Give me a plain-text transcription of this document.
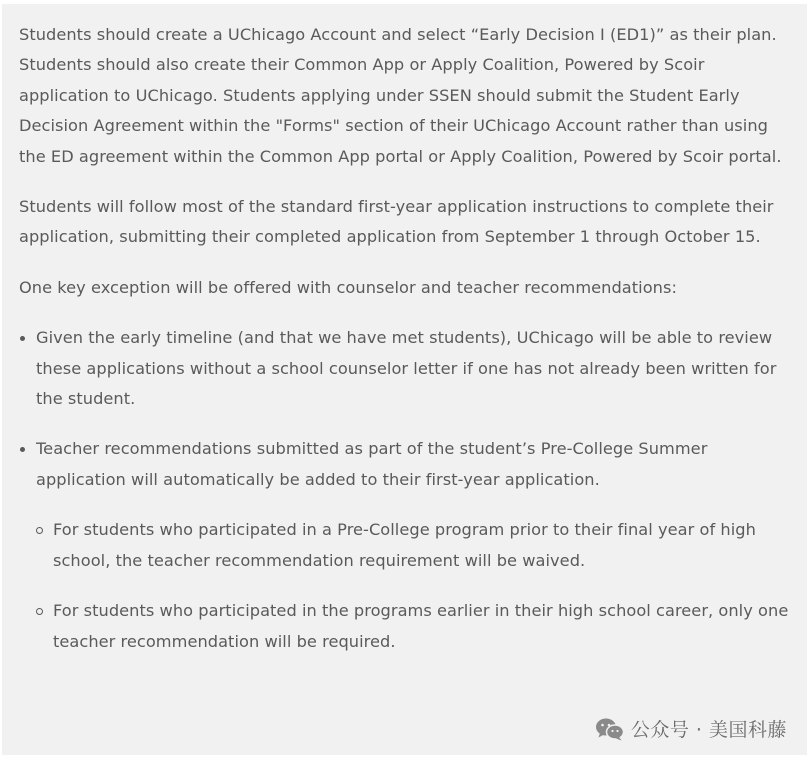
Students should create a UChicago Account and select “Early Decision I (ED1)” as their plan. Students should also create their Common App or Apply Coalition, Powered by Scoir application to UChicago. Students applying under SSEN should submit the Student Early Decision Agreement within the "Forms" section of their UChicago Account rather than using the ED agreement within the Common App portal or Apply Coalition, Powered by Scoir portal.

Students will follow most of the standard first-year application instructions to complete their application, submitting their completed application from September 1 through October 15.

One key exception will be offered with counselor and teacher recommendations:

Given the early timeline (and that we have met students), UChicago will be able to review these applications without a school counselor letter if one has not already been written for the student.
Teacher recommendations submitted as part of the student’s Pre-College Summer application will automatically be added to their first-year application.
For students who participated in a Pre-College program prior to their final year of high school, the teacher recommendation requirement will be waived.
For students who participated in the programs earlier in their high school career, only one teacher recommendation will be required.
公众号 · 美国科藤
